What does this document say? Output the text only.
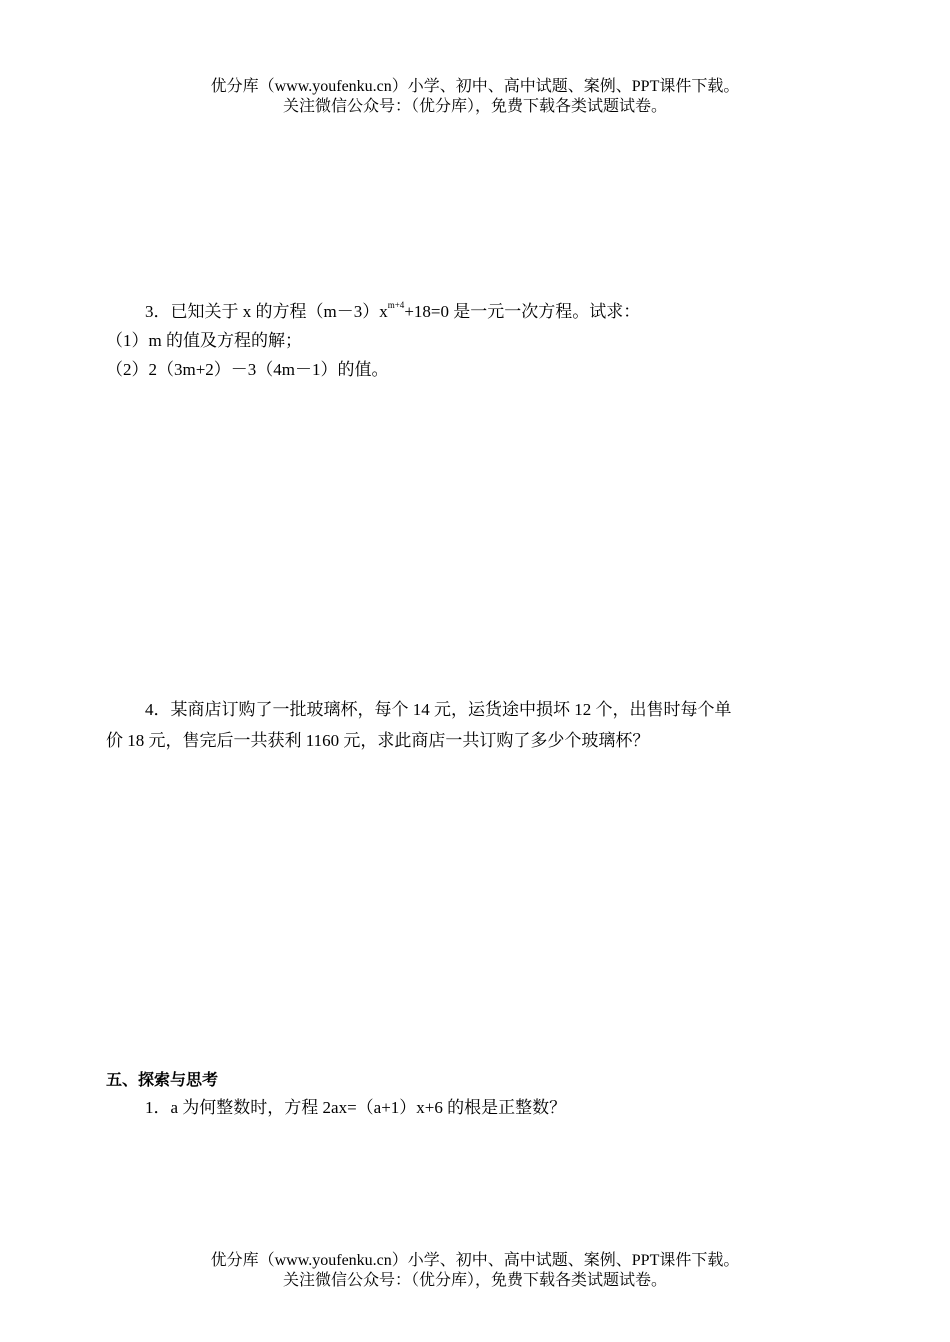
优分库（www.youfenku.cn）小学、初中、高中试题、案例、PPT课件下载。
关注微信公众号：（优分库），免费下载各类试题试卷。
3．已知关于 x 的方程$(m-3)x^{m+4}+18=0$ 是一元一次方程。试求：
（1）m 的值及方程的解；
（2）2（3m+2）－3（4m－1）的值。
4．某商店订购了一批玻璃杯，每个 14 元，运货途中损坏 12 个，出售时每个单
价 18 元，售完后一共获利 1160 元，求此商店一共订购了多少个玻璃杯？
五、探索与思考
1．a 为何整数时，方程 2ax=（a+1）x+6 的根是正整数？
优分库（www.youfenku.cn）小学、初中、高中试题、案例、PPT课件下载。
关注微信公众号：（优分库），免费下载各类试题试卷。
